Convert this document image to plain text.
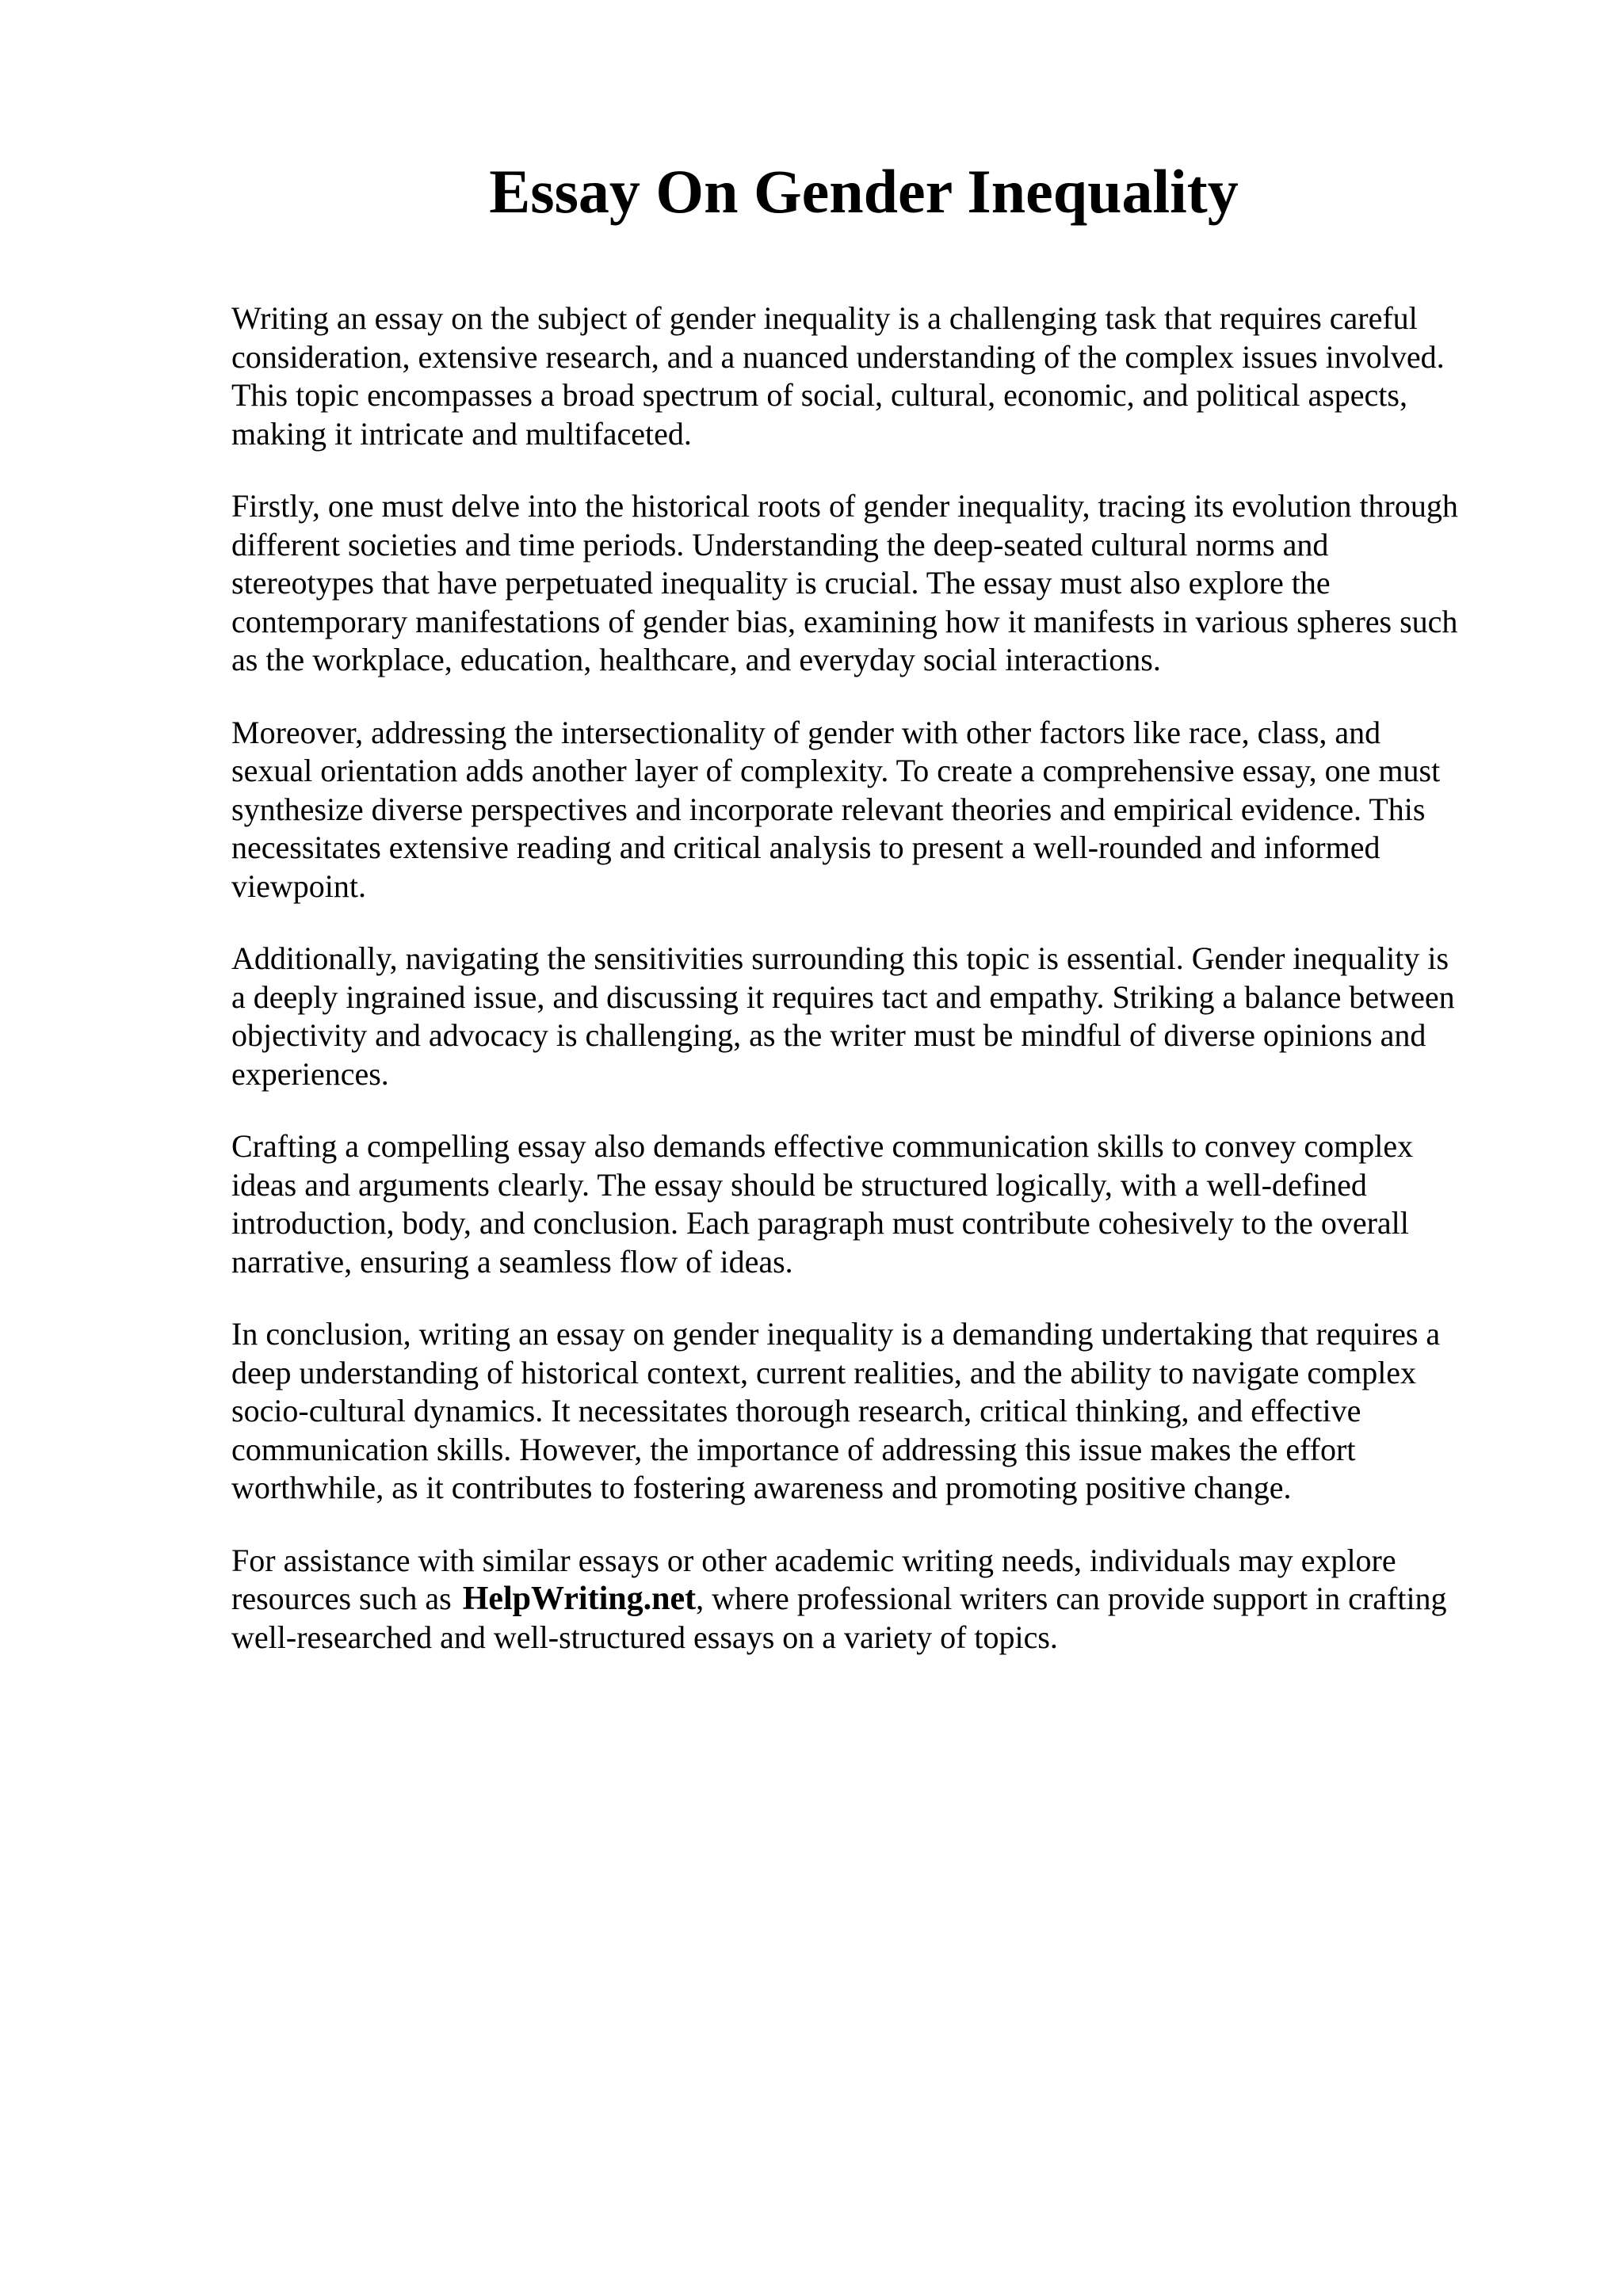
Essay On Gender Inequality

Writing an essay on the subject of gender inequality is a challenging task that requires careful
consideration, extensive research, and a nuanced understanding of the complex issues involved.
This topic encompasses a broad spectrum of social, cultural, economic, and political aspects,
making it intricate and multifaceted.

Firstly, one must delve into the historical roots of gender inequality, tracing its evolution through
different societies and time periods. Understanding the deep-seated cultural norms and
stereotypes that have perpetuated inequality is crucial. The essay must also explore the
contemporary manifestations of gender bias, examining how it manifests in various spheres such
as the workplace, education, healthcare, and everyday social interactions.

Moreover, addressing the intersectionality of gender with other factors like race, class, and
sexual orientation adds another layer of complexity. To create a comprehensive essay, one must
synthesize diverse perspectives and incorporate relevant theories and empirical evidence. This
necessitates extensive reading and critical analysis to present a well-rounded and informed
viewpoint.

Additionally, navigating the sensitivities surrounding this topic is essential. Gender inequality is
a deeply ingrained issue, and discussing it requires tact and empathy. Striking a balance between
objectivity and advocacy is challenging, as the writer must be mindful of diverse opinions and
experiences.

Crafting a compelling essay also demands effective communication skills to convey complex
ideas and arguments clearly. The essay should be structured logically, with a well-defined
introduction, body, and conclusion. Each paragraph must contribute cohesively to the overall
narrative, ensuring a seamless flow of ideas.

In conclusion, writing an essay on gender inequality is a demanding undertaking that requires a
deep understanding of historical context, current realities, and the ability to navigate complex
socio-cultural dynamics. It necessitates thorough research, critical thinking, and effective
communication skills. However, the importance of addressing this issue makes the effort
worthwhile, as it contributes to fostering awareness and promoting positive change.

For assistance with similar essays or other academic writing needs, individuals may explore
resources such as HelpWriting.net, where professional writers can provide support in crafting
well-researched and well-structured essays on a variety of topics.
